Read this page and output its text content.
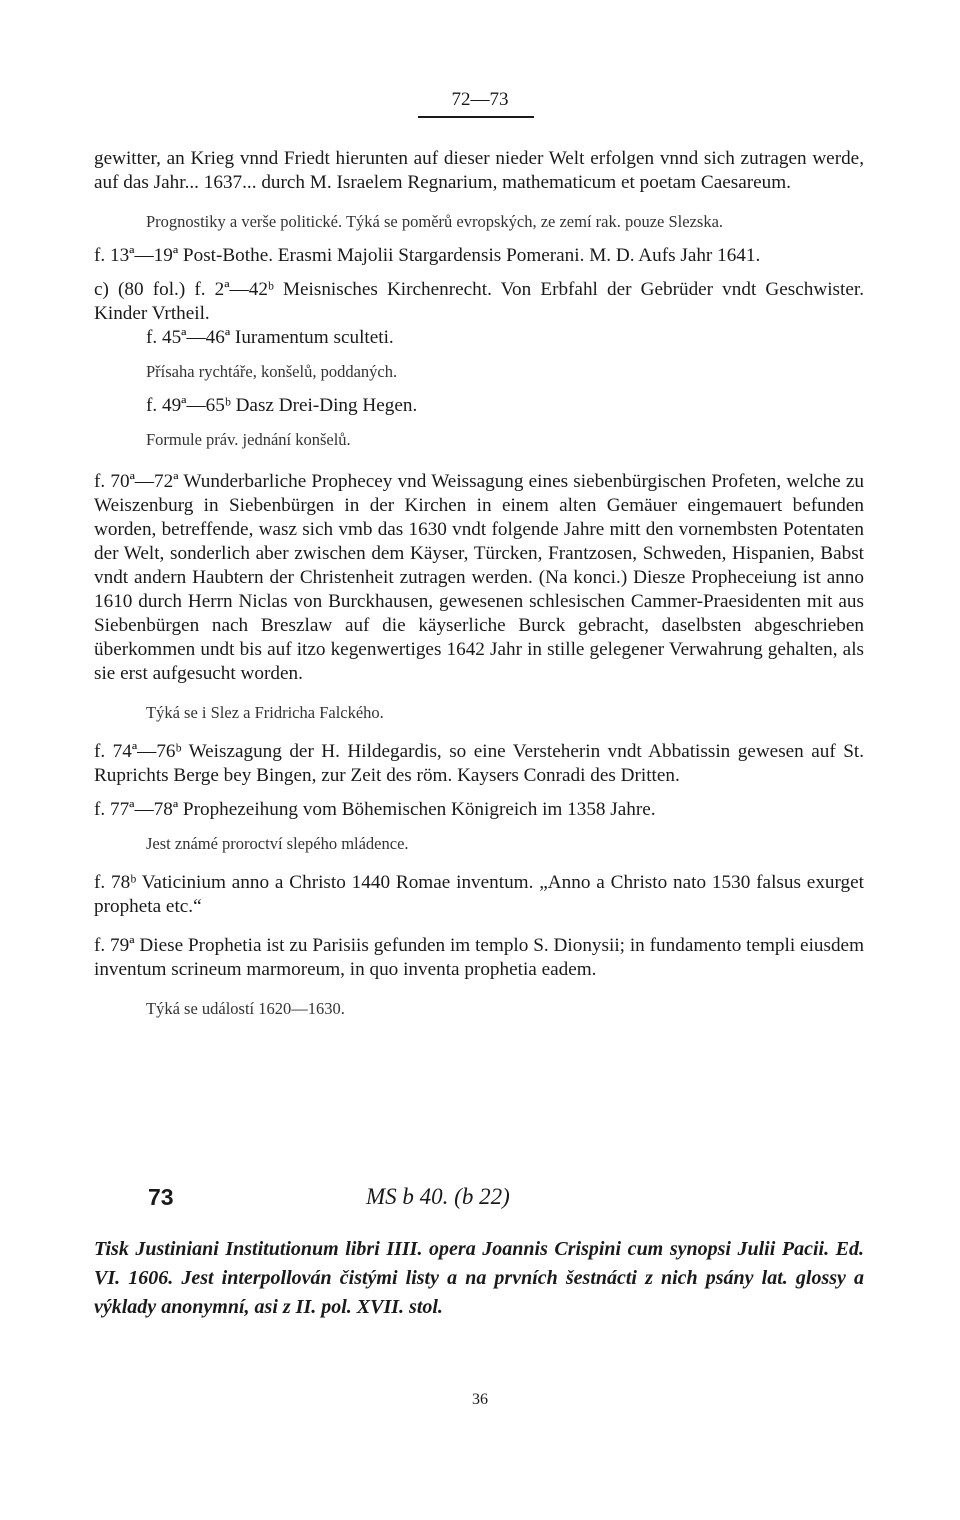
72—73

gewitter, an Krieg vnnd Friedt hierunten auf dieser nieder Welt erfolgen vnnd sich zutragen werde, auf das Jahr... 1637... durch M. Israelem Regnarium, mathematicum et poetam Caesareum.

Prognostiky a verše politické. Týká se poměrů evropských, ze zemí rak. pouze Slezska.

f. 13ª—19ª Post-Bothe. Erasmi Majolii Stargardensis Pomerani. M. D. Aufs Jahr 1641.

c) (80 fol.) f. 2ª—42ᵇ Meisnisches Kirchenrecht. Von Erbfahl der Gebrüder vndt Geschwister. Kinder Vrtheil.

f. 45ª—46ª Iuramentum sculteti.

Přísaha rychtáře, konšelů, poddaných.

f. 49ª—65ᵇ Dasz Drei-Ding Hegen.

Formule práv. jednání konšelů.

f. 70ª—72ª Wunderbarliche Prophecey vnd Weissagung eines siebenbürgischen Profeten, welche zu Weiszenburg in Siebenbürgen in der Kirchen in einem alten Gemäuer eingemauert befunden worden, betreffende, wasz sich vmb das 1630 vndt folgende Jahre mitt den vornembsten Potentaten der Welt, sonderlich aber zwischen dem Käyser, Türcken, Frantzosen, Schweden, Hispanien, Babst vndt andern Haubtern der Christenheit zutragen werden. (Na konci.) Diesze Propheceiung ist anno 1610 durch Herrn Niclas von Burckhausen, gewesenen schlesischen Cammer-Praesidenten mit aus Siebenbürgen nach Breszlaw auf die käyserliche Burck gebracht, daselbsten abgeschrieben überkommen undt bis auf itzo kegenwertiges 1642 Jahr in stille gelegener Verwahrung gehalten, als sie erst aufgesucht worden.

Týká se i Slez a Fridricha Falckého.

f. 74ª—76ᵇ Weiszagung der H. Hildegardis, so eine Versteherin vndt Abbatissin gewesen auf St. Ruprichts Berge bey Bingen, zur Zeit des röm. Kaysers Conradi des Dritten.

f. 77ª—78ª Prophezeihung vom Böhemischen Königreich im 1358 Jahre.

Jest známé proroctví slepého mládence.

f. 78ᵇ Vaticinium anno a Christo 1440 Romae inventum. „Anno a Christo nato 1530 falsus exurget propheta etc.“

f. 79ª Diese Prophetia ist zu Parisiis gefunden im templo S. Dionysii; in fundamento templi eiusdem inventum scrineum marmoreum, in quo inventa prophetia eadem.

Týká se událostí 1620—1630.

73	MS b 40. (b 22)

Tisk Justiniani Institutionum libri IIII. opera Joannis Crispini cum synopsi Julii Pacii. Ed. VI. 1606. Jest interpollován čistými listy a na prvních šestnácti z nich psány lat. glossy a výklady anonymní, asi z II. pol. XVII. stol.

36
